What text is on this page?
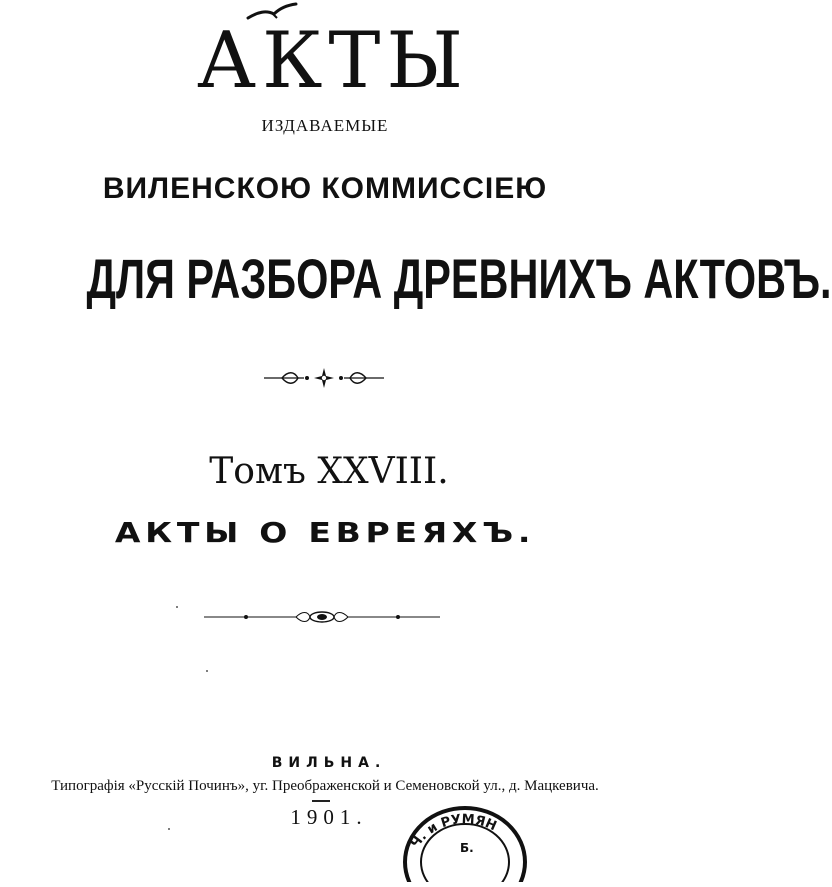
АКТЫ
ИЗДАВАЕМЫЕ
ВИЛЕНСКОЮ КОММИССІЕЮ
ДЛЯ РАЗБОРА ДРЕВНИХЪ АКТОВЪ.
Томъ XXVIII.
АКТЫ О ЕВРЕЯХЪ.
ВИЛЬНА.
Типографія «Русскій Починъ», уг. Преображенской и Семеновской ул., д. Мацкевича.
1901.
Ч. и РУМЯН
Б.
